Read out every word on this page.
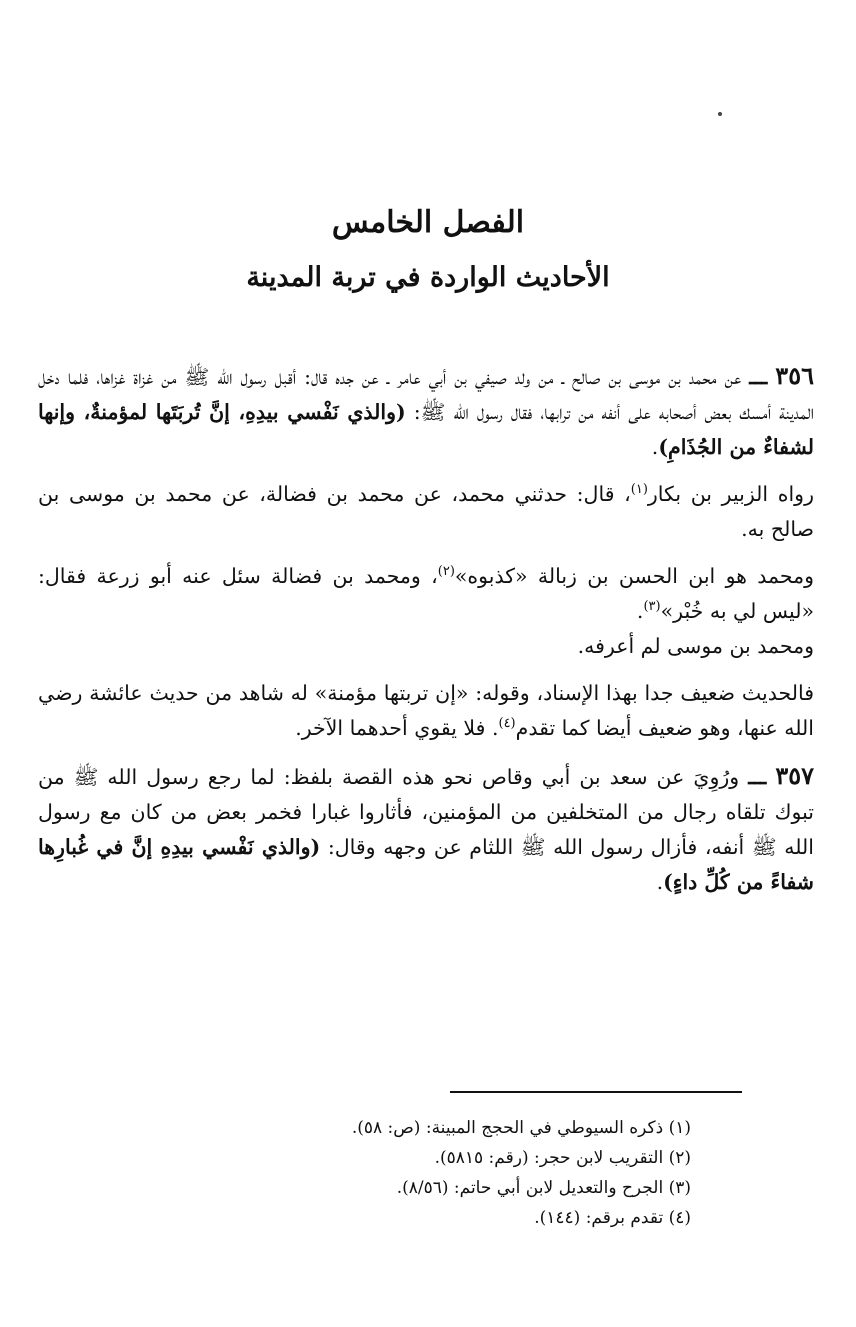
الفصل الخامس
الأحاديث الواردة في تربة المدينة

٣٥٦ ـــ عن محمد بن موسى بن صالح ـ من ولد صيفي بن أبي عامر ـ عن جده قال: أقبل رسول الله ﷺ من غزاة غزاها، فلما دخل المدينة أمسك بعض أصحابه على أنفه من ترابها، فقال رسول الله ﷺ: (والذي نَفْسي بيدِهِ، إنَّ تُربَتَها لمؤمنةٌ، وإنها لشفاءٌ من الجُذَامِ).

رواه الزبير بن بكار$^{(١)}$، قال: حدثني محمد، عن محمد بن فضالة، عن محمد بن موسى بن صالح به.

ومحمد هو ابن الحسن بن زبالة «كذبوه»$^{(٢)}$، ومحمد بن فضالة سئل عنه أبو زرعة فقال: «ليس لي به خُبْر»$^{(٣)}$.

ومحمد بن موسى لم أعرفه.

فالحديث ضعيف جدا بهذا الإسناد، وقوله: «إن تربتها مؤمنة» له شاهد من حديث عائشة رضي الله عنها، وهو ضعيف أيضا كما تقدم$^{(٤)}$. فلا يقوي أحدهما الآخر.

٣٥٧ ـــ ورُوِيَ عن سعد بن أبي وقاص نحو هذه القصة بلفظ: لما رجع رسول الله ﷺ من تبوك تلقاه رجال من المتخلفين من المؤمنين، فأثاروا غبارا فخمر بعض من كان مع رسول الله ﷺ أنفه، فأزال رسول الله ﷺ اللثام عن وجهه وقال: (والذي نَفْسي بيدِهِ إنَّ في غُبارِها شفاءً من كُلِّ داءٍ).

(١) ذكره السيوطي في الحجج المبينة: (ص: ٥٨).

(٢) التقريب لابن حجر: (رقم: ٥٨١٥).

(٣) الجرح والتعديل لابن أبي حاتم: (٨/٥٦).

(٤) تقدم برقم: (١٤٤).
